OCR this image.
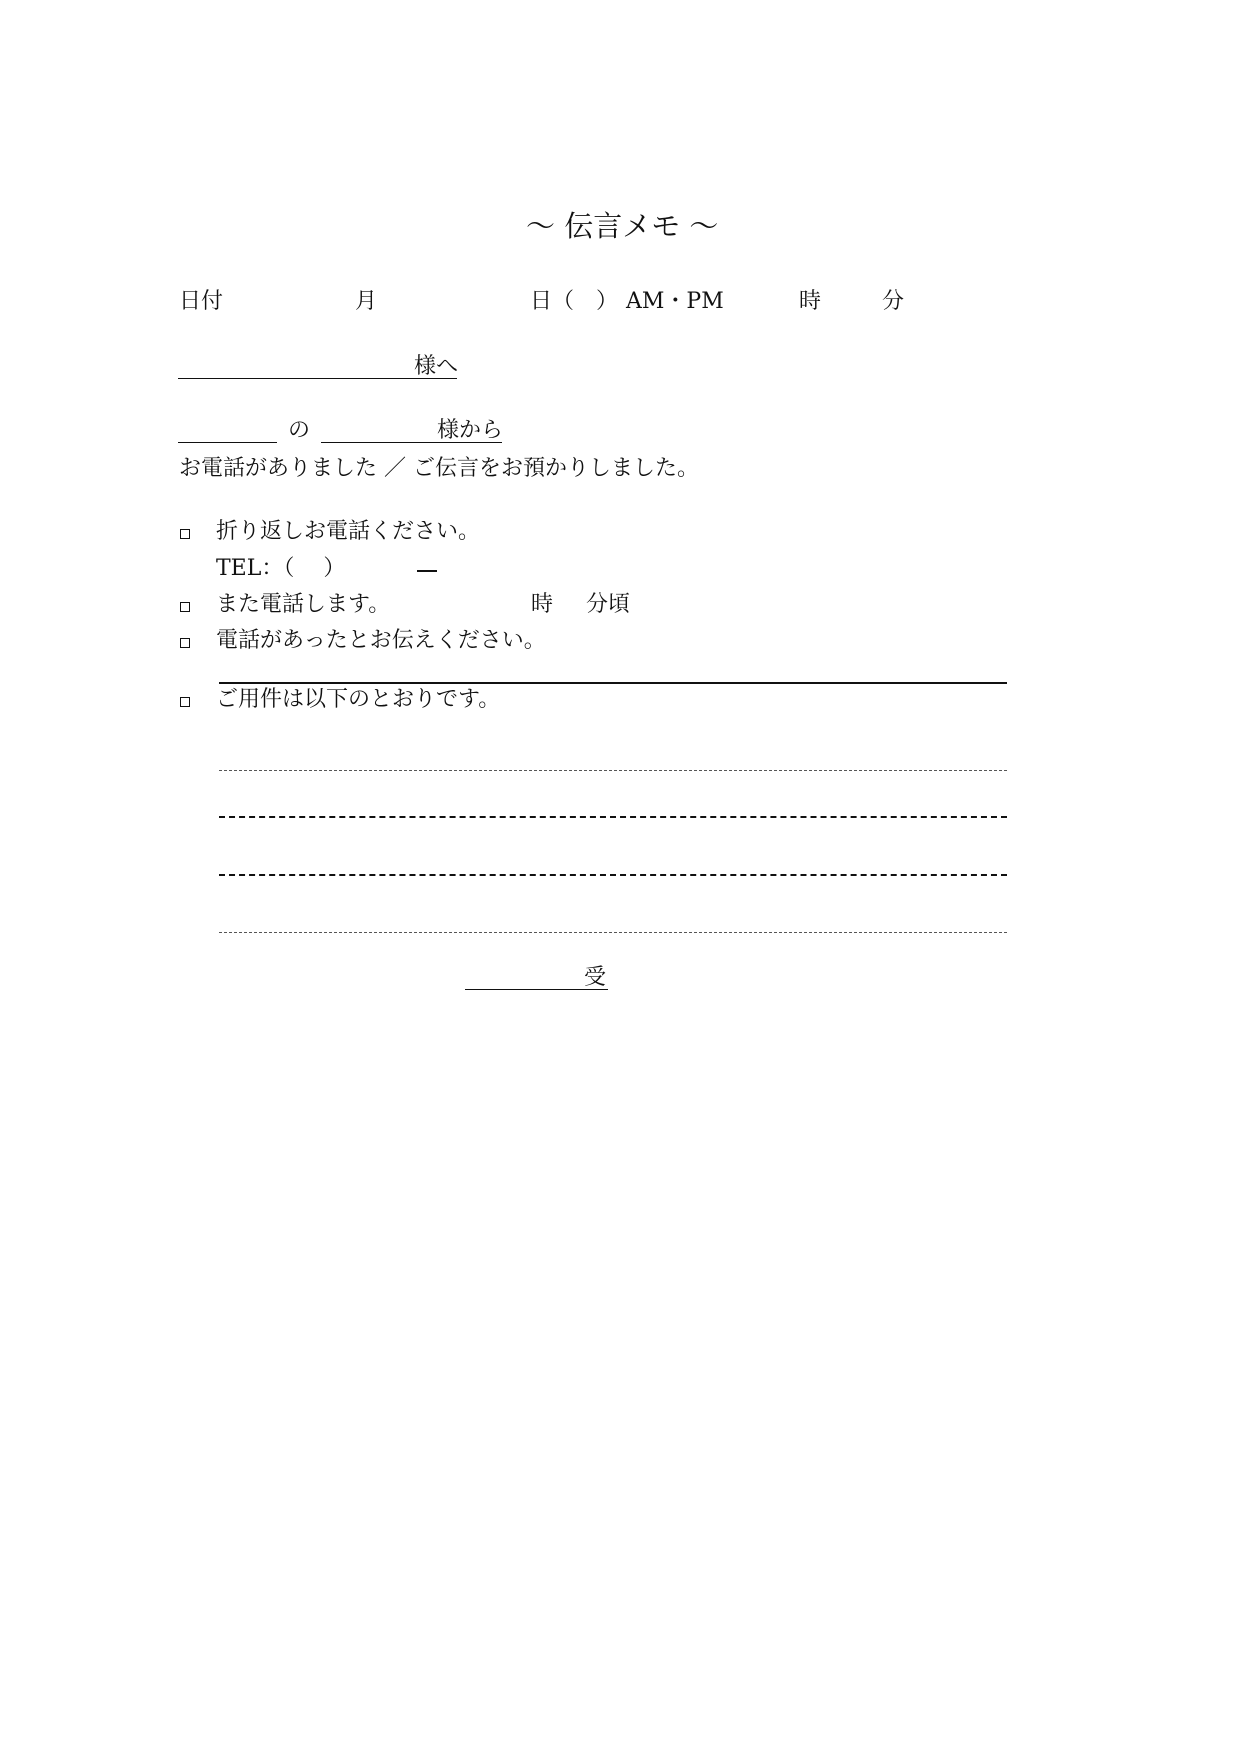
～ 伝言メモ ～
日付	月	日（　） AM・PM	時	分
様へ
の	様から
お電話がありました ／ ご伝言をお預かりしました。
折り返しお電話ください。
TEL：（　 ）
また電話します。	時 分頃
電話があったとお伝えください。
ご用件は以下のとおりです。
受
